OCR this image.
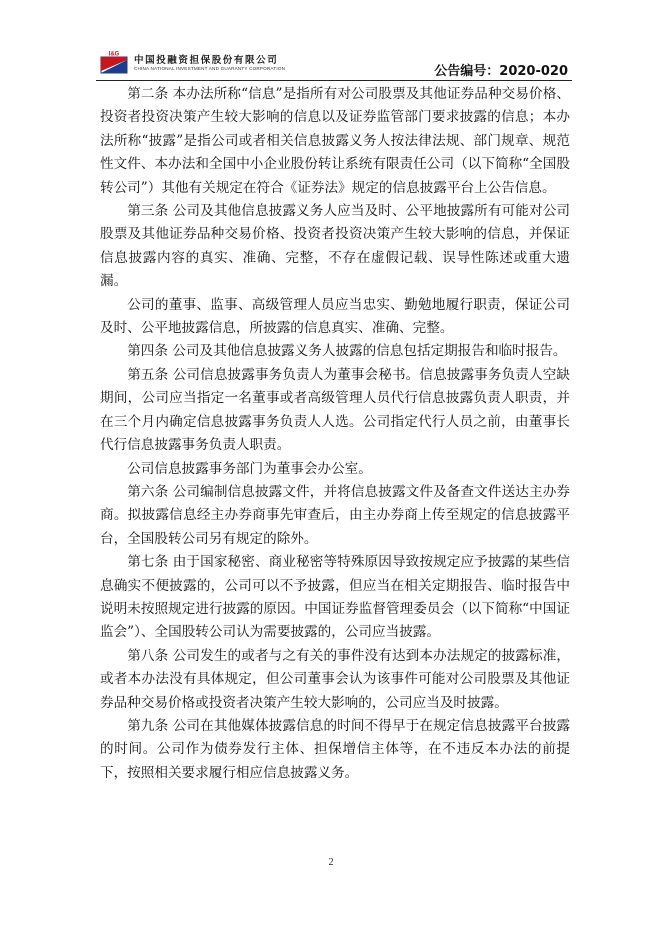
I&G
中国投融资担保股份有限公司
CHINA NATIONAL INVESTMENT AND GUARANTY CORPORATION	公告编号：2020-020

第二条 本办法所称“信息”是指所有对公司股票及其他证券品种交易价格、投资者投资决策产生较大影响的信息以及证券监管部门要求披露的信息；本办法所称“披露”是指公司或者相关信息披露义务人按法律法规、部门规章、规范性文件、本办法和全国中小企业股份转让系统有限责任公司（以下简称“全国股转公司”）其他有关规定在符合《证券法》规定的信息披露平台上公告信息。

第三条 公司及其他信息披露义务人应当及时、公平地披露所有可能对公司股票及其他证券品种交易价格、投资者投资决策产生较大影响的信息，并保证信息披露内容的真实、准确、完整，不存在虚假记载、误导性陈述或重大遗漏。

公司的董事、监事、高级管理人员应当忠实、勤勉地履行职责，保证公司及时、公平地披露信息，所披露的信息真实、准确、完整。

第四条 公司及其他信息披露义务人披露的信息包括定期报告和临时报告。

第五条 公司信息披露事务负责人为董事会秘书。信息披露事务负责人空缺期间，公司应当指定一名董事或者高级管理人员代行信息披露负责人职责，并在三个月内确定信息披露事务负责人人选。公司指定代行人员之前，由董事长代行信息披露事务负责人职责。

公司信息披露事务部门为董事会办公室。

第六条 公司编制信息披露文件，并将信息披露文件及备查文件送达主办券商。拟披露信息经主办券商事先审查后，由主办券商上传至规定的信息披露平台，全国股转公司另有规定的除外。

第七条 由于国家秘密、商业秘密等特殊原因导致按规定应予披露的某些信息确实不便披露的，公司可以不予披露，但应当在相关定期报告、临时报告中说明未按照规定进行披露的原因。中国证券监督管理委员会（以下简称“中国证监会”）、全国股转公司认为需要披露的，公司应当披露。

第八条 公司发生的或者与之有关的事件没有达到本办法规定的披露标准，或者本办法没有具体规定，但公司董事会认为该事件可能对公司股票及其他证券品种交易价格或投资者决策产生较大影响的，公司应当及时披露。

第九条 公司在其他媒体披露信息的时间不得早于在规定信息披露平台披露的时间。公司作为债券发行主体、担保增信主体等，在不违反本办法的前提下，按照相关要求履行相应信息披露义务。

2
